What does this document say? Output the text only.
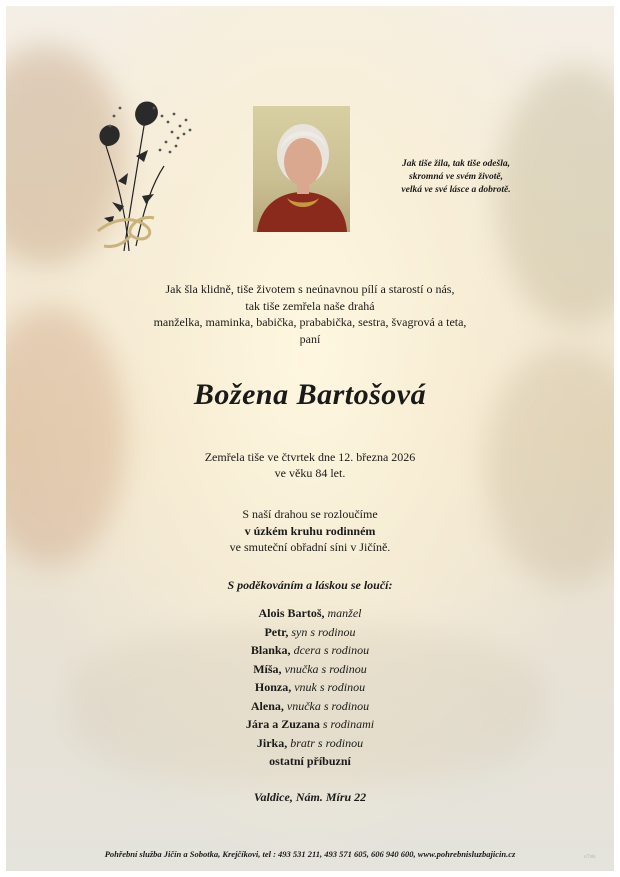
Jak tiše žila, tak tiše odešla,
skromná ve svém životě,
velká ve své lásce a dobrotě.
Jak šla klidně, tiše životem s neúnavnou pílí a starostí o nás,
tak tiše zemřela naše drahá
manželka, maminka, babička, prababička, sestra, švagrová a teta,
paní
Božena Bartošová
Zemřela tiše ve čtvrtek dne 12. března 2026
ve věku 84 let.
S naší drahou se rozloučíme
v úzkém kruhu rodinném
ve smuteční obřadní síni v Jičíně.
S poděkováním a láskou se loučí:
Alois Bartoš, manžel
Petr, syn s rodinou
Blanka, dcera s rodinou
Míša, vnučka s rodinou
Honza, vnuk s rodinou
Alena, vnučka s rodinou
Jára a Zuzana s rodinami
Jirka, bratr s rodinou
ostatní příbuzní
Valdice, Nám. Míru 22
Pohřební služba Jičín a Sobotka, Krejčíkovi, tel : 493 531 211, 493 571 605, 606 940 600, www.pohrebnisluzbajicin.cz	eTisk
